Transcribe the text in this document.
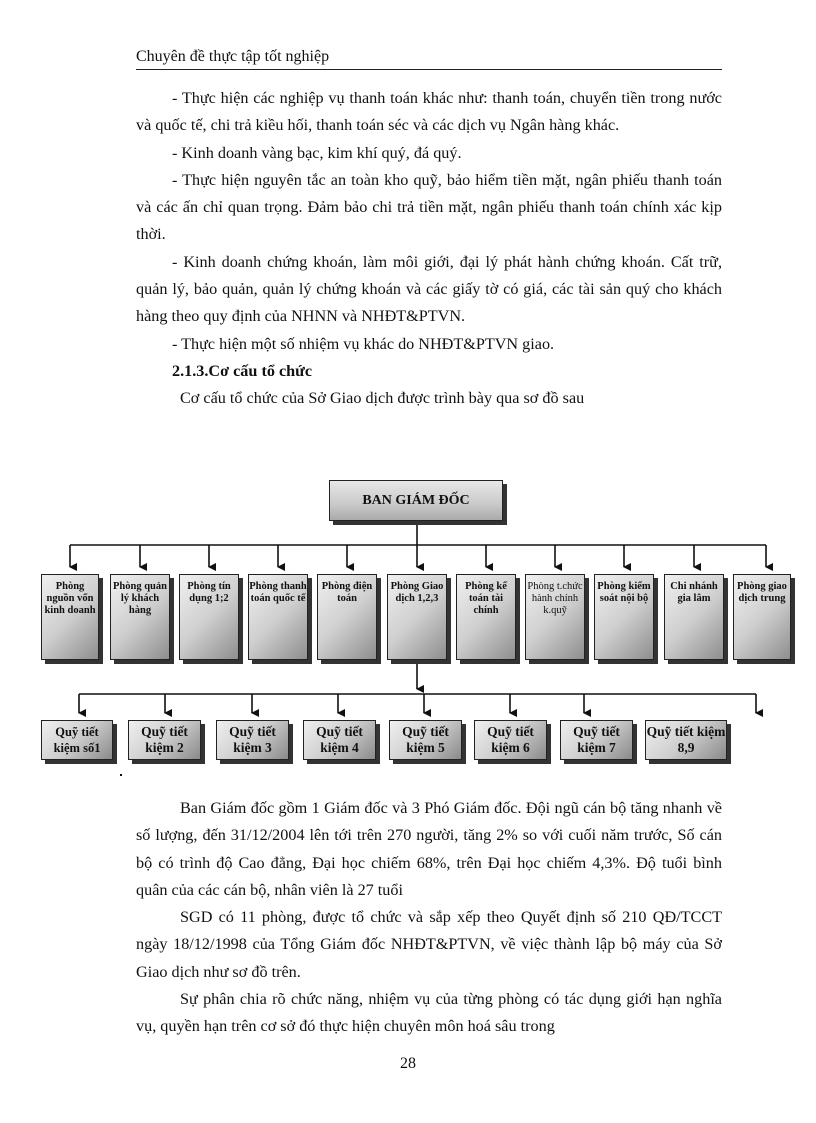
Chuyên đề thực tập tốt nghiệp

- Thực hiện các nghiệp vụ thanh toán khác như: thanh toán, chuyển tiền trong nước và quốc tế, chi trả kiều hối, thanh toán séc và các dịch vụ Ngân hàng khác.

- Kinh doanh vàng bạc, kim khí quý, đá quý.

- Thực hiện nguyên tắc an toàn kho quỹ, bảo hiểm tiền mặt, ngân phiếu thanh toán và các ấn chỉ quan trọng. Đảm bảo chi trả tiền mặt, ngân phiếu thanh toán chính xác kịp thời.

- Kinh doanh chứng khoán, làm môi giới, đại lý phát hành chứng khoán. Cất trữ, quản lý, bảo quản, quản lý chứng khoán và các giấy tờ có giá, các tài sản quý cho khách hàng theo quy định của NHNN và NHĐT&PTVN.

- Thực hiện một số nhiệm vụ khác do NHĐT&PTVN giao.

2.1.3.Cơ cấu tổ chức

Cơ cấu tổ chức của Sở Giao dịch được trình bày qua sơ đồ sau

BAN GIÁM ĐỐC
Phòng nguồn vốn kinh doanh
Phòng quản lý khách hàng
Phòng tín dụng 1;2
Phòng thanh toán quốc tế
Phòng điện toán
Phòng Giao dịch 1,2,3
Phòng kế toán tài chính
Phòng t.chức hành chính k.quỹ
Phòng kiểm soát nội bộ
Chi nhánh gia lâm
Phòng giao dịch trung
Quỹ tiết kiệm số1
Quỹ tiết kiệm 2
Quỹ tiết kiệm 3
Quỹ tiết kiệm 4
Quỹ tiết kiệm 5
Quỹ tiết kiệm 6
Quỹ tiết kiệm 7
Quỹ tiết kiệm 8,9

Ban Giám đốc gồm 1 Giám đốc và 3 Phó Giám đốc. Đội ngũ cán bộ tăng nhanh về số lượng, đến 31/12/2004 lên tới trên 270 người, tăng 2% so với cuối năm trước, Số cán bộ có trình độ Cao đẳng, Đại học chiếm 68%, trên Đại học chiếm 4,3%. Độ tuổi bình quân của các cán bộ, nhân viên là 27 tuổi

SGD có 11 phòng, được tổ chức và sắp xếp theo Quyết định số 210 QĐ/TCCT ngày 18/12/1998 của Tổng Giám đốc NHĐT&PTVN, về việc thành lập bộ máy của Sở Giao dịch như sơ đồ trên.

Sự phân chia rõ chức năng, nhiệm vụ của từng phòng có tác dụng giới hạn nghĩa vụ, quyền hạn trên cơ sở đó thực hiện chuyên môn hoá sâu trong

28
